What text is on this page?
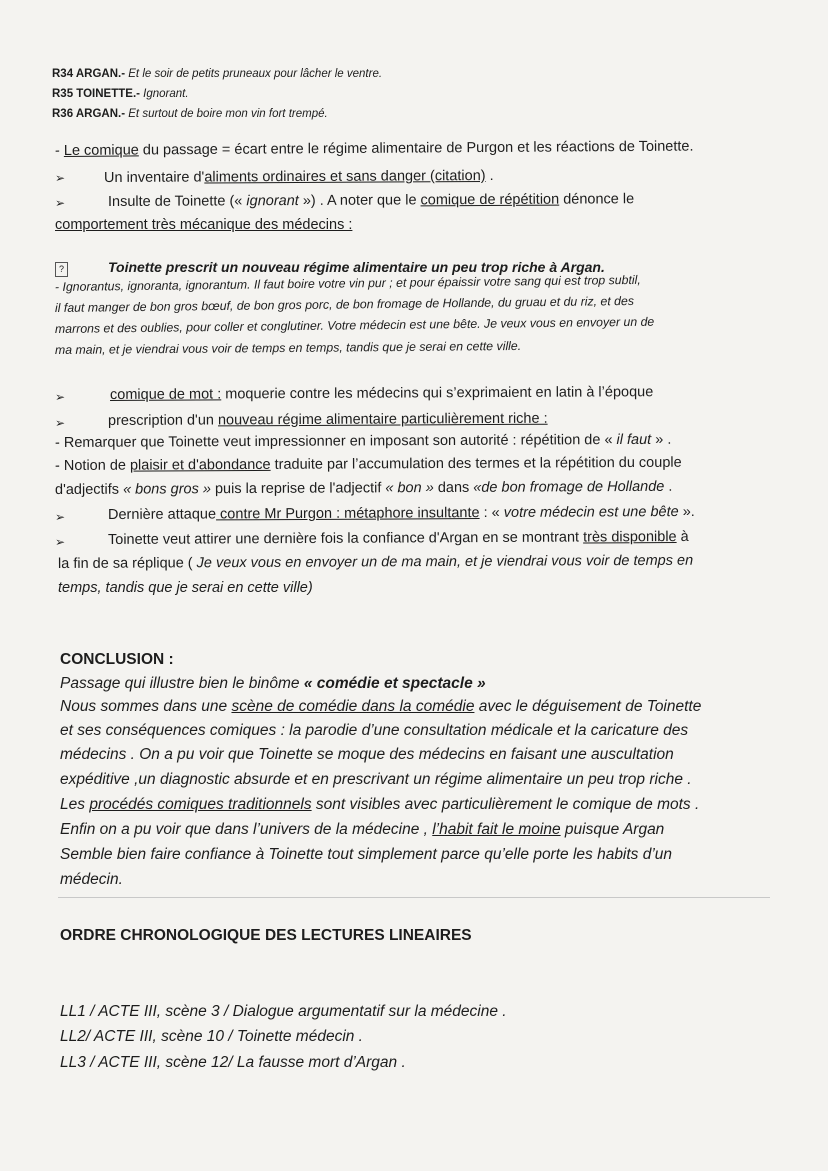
R34 ARGAN.- Et le soir de petits pruneaux pour lâcher le ventre.
R35 TOINETTE.- Ignorant.
R36 ARGAN.- Et surtout de boire mon vin fort trempé.
- Le comique du passage = écart entre le régime alimentaire de Purgon et les réactions de Toinette.
➢	Un inventaire d'aliments ordinaires et sans danger (citation) .
➢	Insulte de Toinette (« ignorant ») . A noter que le comique de répétition dénonce le
comportement très mécanique des médecins :
?	Toinette prescrit un nouveau régime alimentaire un peu trop riche à Argan.
- Ignorantus, ignoranta, ignorantum. Il faut boire votre vin pur ; et pour épaissir votre sang qui est trop subtil,
il faut manger de bon gros bœuf, de bon gros porc, de bon fromage de Hollande, du gruau et du riz, et des
marrons et des oublies, pour coller et conglutiner. Votre médecin est une bête. Je veux vous en envoyer un de
ma main, et je viendrai vous voir de temps en temps, tandis que je serai en cette ville.
➢	comique de mot : moquerie contre les médecins qui s’exprimaient en latin à l’époque
➢	prescription d'un nouveau régime alimentaire particulièrement riche :
- Remarquer que Toinette veut impressionner en imposant son autorité : répétition de « il faut » .
- Notion de plaisir et d'abondance traduite par l’accumulation des termes et la répétition du couple
d'adjectifs « bons gros » puis la reprise de l'adjectif « bon » dans «de bon fromage de Hollande .
➢	Dernière attaque contre Mr Purgon : métaphore insultante : « votre médecin est une bête ».
➢	Toinette veut attirer une dernière fois la confiance d'Argan en se montrant très disponible à
la fin de sa réplique ( Je veux vous en envoyer un de ma main, et je viendrai vous voir de temps en
temps, tandis que je serai en cette ville)
CONCLUSION :
Passage qui illustre bien le binôme « comédie et spectacle »
Nous sommes dans une scène de comédie dans la comédie avec le déguisement de Toinette
et ses conséquences comiques : la parodie d’une consultation médicale et la caricature des
médecins . On a pu voir que Toinette se moque des médecins en faisant une auscultation
expéditive ,un diagnostic absurde et en prescrivant un régime alimentaire un peu trop riche .
Les procédés comiques traditionnels sont visibles avec particulièrement le comique de mots .
Enfin on a pu voir que dans l’univers de la médecine , l’habit fait le moine puisque Argan
Semble bien faire confiance à Toinette tout simplement parce qu’elle porte les habits d’un
médecin.
ORDRE CHRONOLOGIQUE DES LECTURES LINEAIRES
LL1 / ACTE III, scène 3 / Dialogue argumentatif sur la médecine .
LL2/ ACTE III, scène 10 / Toinette médecin .
LL3 / ACTE III, scène 12/ La fausse mort d’Argan .
